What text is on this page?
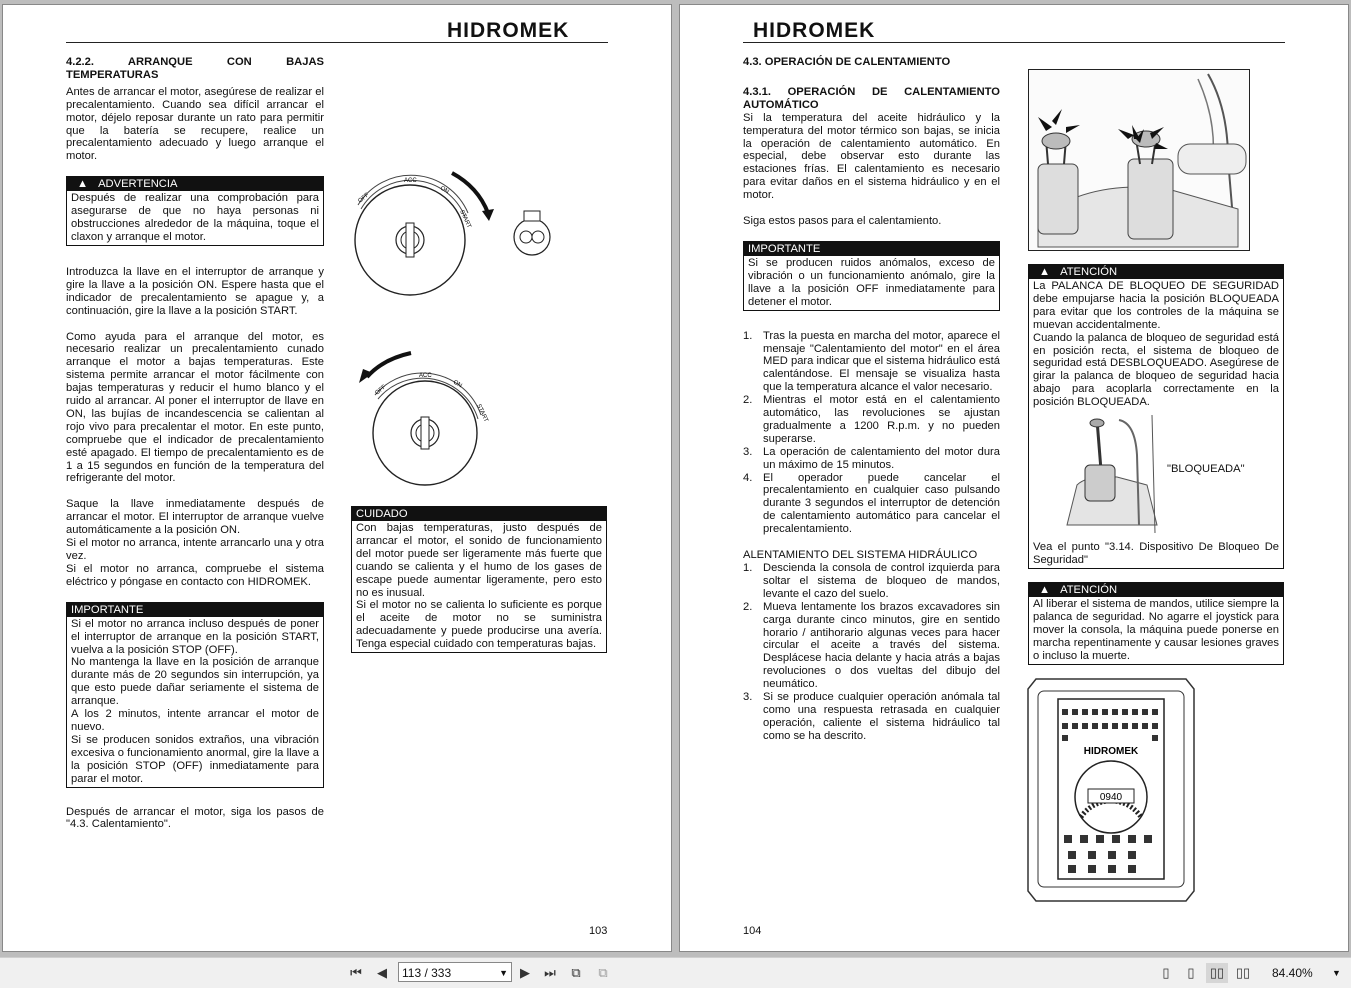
HIDROMEK

4.2.2. ARRANQUE CON BAJAS TEMPERATURAS

Antes de arrancar el motor, asegúrese de realizar el precalentamiento. Cuando sea difícil arrancar el motor, déjelo reposar durante un rato para permitir que la batería se recupere, realice un precalentamiento adecuado y luego arranque el motor.

▲ ADVERTENCIA

Después de realizar una comprobación para asegurarse de que no haya personas ni obstrucciones alrededor de la máquina, toque el claxon y arranque el motor.

Introduzca la llave en el interruptor de arranque y gire la llave a la posición ON. Espere hasta que el indicador de precalentamiento se apague y, a continuación, gire la llave a la posición START.

Como ayuda para el arranque del motor, es necesario realizar un precalentamiento cunado arranque el motor a bajas temperaturas. Este sistema permite arrancar el motor fácilmente con bajas temperaturas y reducir el humo blanco y el ruido al arrancar. Al poner el interruptor de llave en ON, las bujías de incandescencia se calientan al rojo vivo para precalentar el motor. En este punto, compruebe que el indicador de precalentamiento esté apagado. El tiempo de precalentamiento es de 1 a 15 segundos en función de la temperatura del refrigerante del motor.

Saque la llave inmediatamente después de arrancar el motor. El interruptor de arranque vuelve automáticamente a la posición ON.

Si el motor no arranca, intente arrancarlo una y otra vez.

Si el motor no arranca, compruebe el sistema eléctrico y póngase en contacto con HIDROMEK.

IMPORTANTE

Si el motor no arranca incluso después de poner el interruptor de arranque en la posición START, vuelva a la posición STOP (OFF).

No mantenga la llave en la posición de arranque durante más de 20 segundos sin interrupción, ya que esto puede dañar seriamente el sistema de arranque.

A los 2 minutos, intente arrancar el motor de nuevo.

Si se producen sonidos extraños, una vibración excesiva o funcionamiento anormal, gire la llave a la posición STOP (OFF) inmediatamente para parar el motor.

Después de arrancar el motor, siga los pasos de "4.3. Calentamiento".

OFF
ACC
ON
START
OFF
ACC
ON
START
CUIDADO

Con bajas temperaturas, justo después de arrancar el motor, el sonido de funcionamiento del motor puede ser ligeramente más fuerte que cuando se calienta y el humo de los gases de escape puede aumentar ligeramente, pero esto no es inusual.

Si el motor no se calienta lo suficiente es porque el aceite de motor no se suministra adecuadamente y puede producirse una avería. Tenga especial cuidado con temperaturas bajas.

103
HIDROMEK

4.3. OPERACIÓN DE CALENTAMIENTO

4.3.1. OPERACIÓN DE CALENTAMIENTO AUTOMÁTICO

Si la temperatura del aceite hidráulico y la temperatura del motor térmico son bajas, se inicia la operación de calentamiento automático. En especial, debe observar esto durante las estaciones frías. El calentamiento es necesario para evitar daños en el sistema hidráulico y en el motor.

Siga estos pasos para el calentamiento.

IMPORTANTE

Si se producen ruidos anómalos, exceso de vibración o un funcionamiento anómalo, gire la llave a la posición OFF inmediatamente para detener el motor.

1. Tras la puesta en marcha del motor, aparece el mensaje "Calentamiento del motor" en el área MED para indicar que el sistema hidráulico está calentándose. El mensaje se visualiza hasta que la temperatura alcance el valor necesario.
2. Mientras el motor está en el calentamiento automático, las revoluciones se ajustan gradualmente a 1200 R.p.m. y no pueden superarse.
3. La operación de calentamiento del motor dura un máximo de 15 minutos.
4. El operador puede cancelar el precalentamiento en cualquier caso pulsando durante 3 segundos el interruptor de detención de calentamiento automático para cancelar el precalentamiento.

ALENTAMIENTO DEL SISTEMA HIDRÁULICO

1. Descienda la consola de control izquierda para soltar el sistema de bloqueo de mandos, levante el cazo del suelo.
2. Mueva lentamente los brazos excavadores sin carga durante cinco minutos, gire en sentido horario / antihorario algunas veces para hacer circular el aceite a través del sistema. Desplácese hacia delante y hacia atrás a bajas revoluciones o dos vueltas del dibujo del neumático.
3. Si se produce cualquier operación anómala tal como una respuesta retrasada en cualquier operación, caliente el sistema hidráulico tal como se ha descrito.
▲ ATENCIÓN

La PALANCA DE BLOQUEO DE SEGURIDAD debe empujarse hacia la posición BLOQUEADA para evitar que los controles de la máquina se muevan accidentalmente.

Cuando la palanca de bloqueo de seguridad está en posición recta, el sistema de bloqueo de seguridad está DESBLOQUEADO. Asegúrese de girar la palanca de bloqueo de seguridad hacia abajo para acoplarla correctamente en la posición BLOQUEADA.

"BLOQUEADA"
Vea el punto "3.14. Dispositivo De Bloqueo De Seguridad"
▲ ATENCIÓN

Al liberar el sistema de mandos, utilice siempre la palanca de seguridad. No agarre el joystick para mover la consola, la máquina puede ponerse en marcha repentinamente y causar lesiones graves o incluso la muerte.

HIDROMEK
0940
104
⏮	◀	113 / 333	▼ ▶	⏭	⧉	⧉	▯	▯	▯▯ ▯▯ 84.40% ▼
